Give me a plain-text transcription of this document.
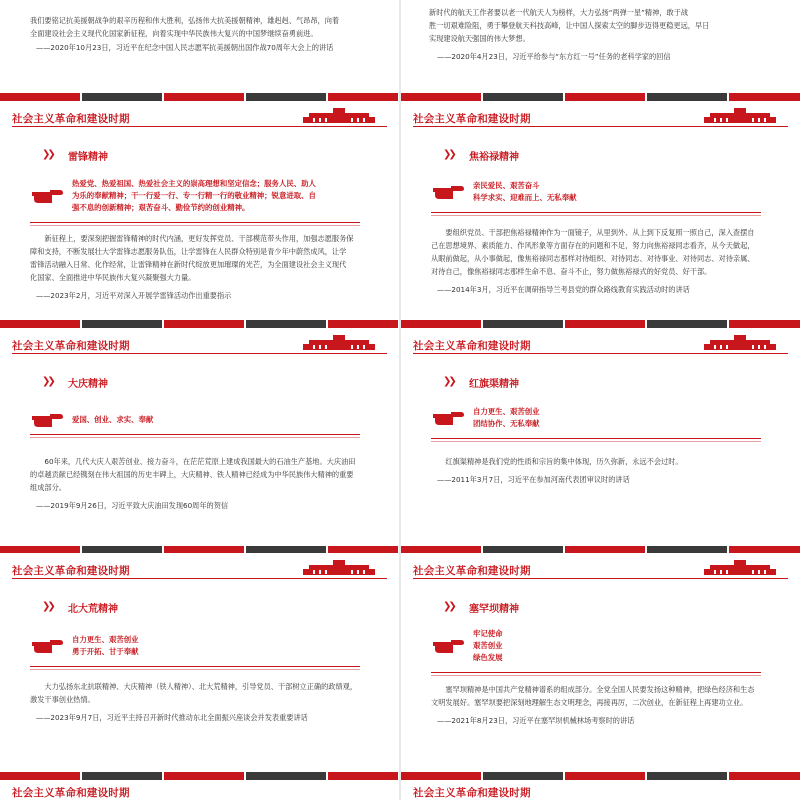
我们要铭记抗美援朝战争的艰辛历程和伟大胜利，弘扬伟大抗美援朝精神，雄赳赳、气昂昂，向着
全面建设社会主义现代化国家新征程，向着实现中华民族伟大复兴的中国梦继续奋勇前进。
——2020年10月23日，习近平在纪念中国人民志愿军抗美援朝出国作战70周年大会上的讲话
新时代的航天工作者要以老一代航天人为榜样，大力弘扬“两弹一星”精神，敢于战
胜一切艰难险阻，勇于攀登航天科技高峰，让中国人探索太空的脚步迈得更稳更远，早日
实现建设航天强国的伟大梦想。
——2020年4月23日，习近平给参与“东方红一号”任务的老科学家的回信
社会主义革命和建设时期
❯❯ 雷锋精神
热爱党、热爱祖国、热爱社会主义的崇高理想和坚定信念；服务人民、助人
为乐的奉献精神；干一行爱一行、专一行精一行的敬业精神；锐意进取、自
强不息的创新精神；艰苦奋斗、勤俭节约的创业精神。
新征程上，要深刻把握雷锋精神的时代内涵，更好发挥党员、干部模范带头作用，加强志愿服务保
障和支持，不断发展壮大学雷锋志愿服务队伍，让学雷锋在人民群众特别是青少年中蔚然成风，让学
雷锋活动融入日常、化作经常，让雷锋精神在新时代绽放更加璀璨的光芒，为全面建设社会主义现代
化国家、全面推进中华民族伟大复兴凝聚强大力量。
——2023年2月，习近平对深入开展学雷锋活动作出重要指示
社会主义革命和建设时期
❯❯ 焦裕禄精神
亲民爱民、艰苦奋斗
科学求实、迎难而上、无私奉献
要组织党员、干部把焦裕禄精神作为一面镜子，从里到外、从上到下反复照一照自己，深入查摆自
己在思想境界、素质能力、作风形象等方面存在的问题和不足，努力向焦裕禄同志看齐，从今天做起，
从眼前做起，从小事做起，像焦裕禄同志那样对待组织、对待同志、对待事业、对待同志、对待亲属、
对待自己，像焦裕禄同志那样生命不息、奋斗不止，努力做焦裕禄式的好党员、好干部。
——2014年3月，习近平在调研指导兰考县党的群众路线教育实践活动时的讲话
社会主义革命和建设时期
❯❯ 大庆精神
爱国、创业、求实、奉献
60年来，几代大庆人艰苦创业、接力奋斗，在茫茫荒原上建成我国最大的石油生产基地。大庆油田
的卓越贡献已经镌刻在伟大祖国的历史丰碑上，大庆精神、铁人精神已经成为中华民族伟大精神的重要
组成部分。
——2019年9月26日，习近平致大庆油田发现60周年的贺信
社会主义革命和建设时期
❯❯ 红旗渠精神
自力更生、艰苦创业
团结协作、无私奉献
红旗渠精神是我们党的性质和宗旨的集中体现，历久弥新，永远不会过时。
——2011年3月7日，习近平在参加河南代表团审议时的讲话
社会主义革命和建设时期
❯❯ 北大荒精神
自力更生、艰苦创业
勇于开拓、甘于奉献
大力弘扬东北抗联精神、大庆精神（铁人精神）、北大荒精神，引导党员、干部树立正确的政绩观，
激发干事创业热情。
——2023年9月7日，习近平主持召开新时代推动东北全面振兴座谈会并发表重要讲话
社会主义革命和建设时期
❯❯ 塞罕坝精神
牢记使命
艰苦创业
绿色发展
塞罕坝精神是中国共产党精神谱系的组成部分。全党全国人民要发扬这种精神，把绿色经济和生态
文明发展好。塞罕坝要把深刻地理解生态文明理念，再接再厉，二次创业，在新征程上再建功立业。
——2021年8月23日，习近平在塞罕坝机械林场考察时的讲话
社会主义革命和建设时期	社会主义革命和建设时期
